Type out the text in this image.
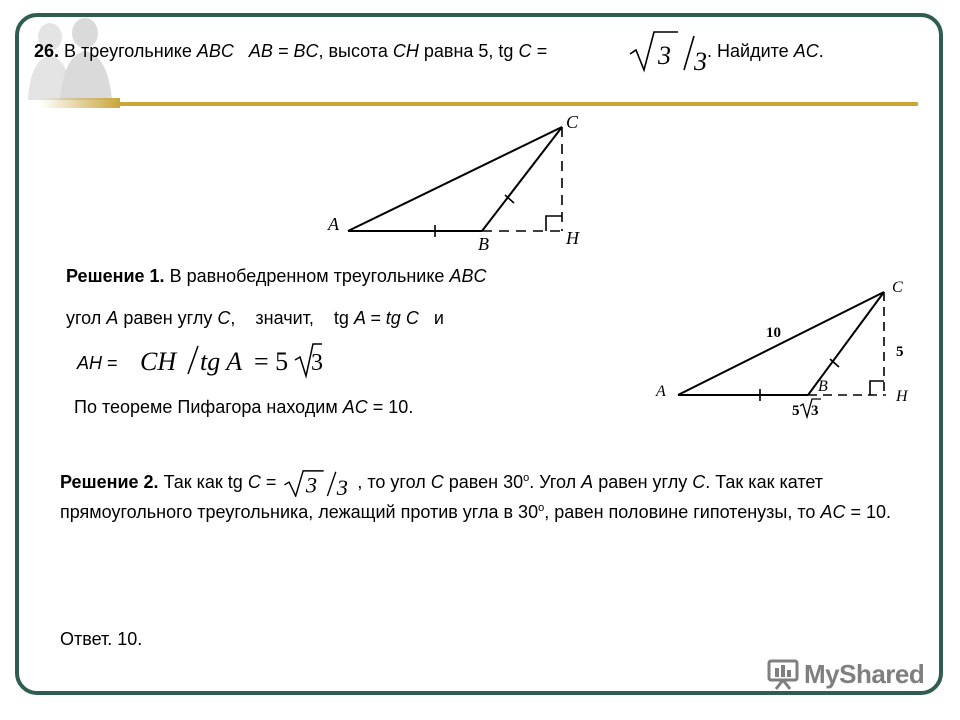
26. В треугольнике ABC AB = BC, высота CH равна 5, tg C =	3 3 . Найдите AC.
C
A
B	H
Решение 1. В равнобедренном треугольнике ABC
угол A равен углу C, значит, tg A = tg C и
AH = CH tg A = 5 3
По теореме Пифагора находим AC = 10.
C
A	B
H
10
5
5 3
Решение 2. Так как tg C = 3 3 , то угол C равен 30$^o$. Угол A равен углу C. Так как катет прямоугольного треугольника, лежащий против угла в 30$^o$, равен половине гипотенузы, то AC = 10.
Ответ. 10.
MyShared
